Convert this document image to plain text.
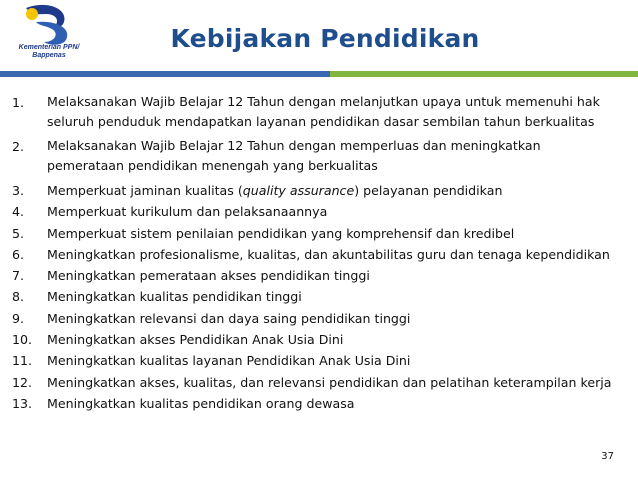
Kementerian PPN/
Bappenas
Kebijakan Pendidikan
1.	Melaksanakan Wajib Belajar 12 Tahun dengan melanjutkan upaya untuk memenuhi hak
seluruh penduduk mendapatkan layanan pendidikan dasar sembilan tahun berkualitas
2.	Melaksanakan Wajib Belajar 12 Tahun dengan memperluas dan meningkatkan
pemerataan pendidikan menengah yang berkualitas
3.	Memperkuat jaminan kualitas (quality assurance) pelayanan pendidikan
4.	Memperkuat kurikulum dan pelaksanaannya
5.	Memperkuat sistem penilaian pendidikan yang komprehensif dan kredibel
6.	Meningkatkan profesionalisme, kualitas, dan akuntabilitas guru dan tenaga kependidikan
7.	Meningkatkan pemerataan akses pendidikan tinggi
8.	Meningkatkan kualitas pendidikan tinggi
9.	Meningkatkan relevansi dan daya saing pendidikan tinggi
10.	Meningkatkan akses Pendidikan Anak Usia Dini
11.	Meningkatkan kualitas layanan Pendidikan Anak Usia Dini
12.	Meningkatkan akses, kualitas, dan relevansi pendidikan dan pelatihan keterampilan kerja
13.	Meningkatkan kualitas pendidikan orang dewasa
37
